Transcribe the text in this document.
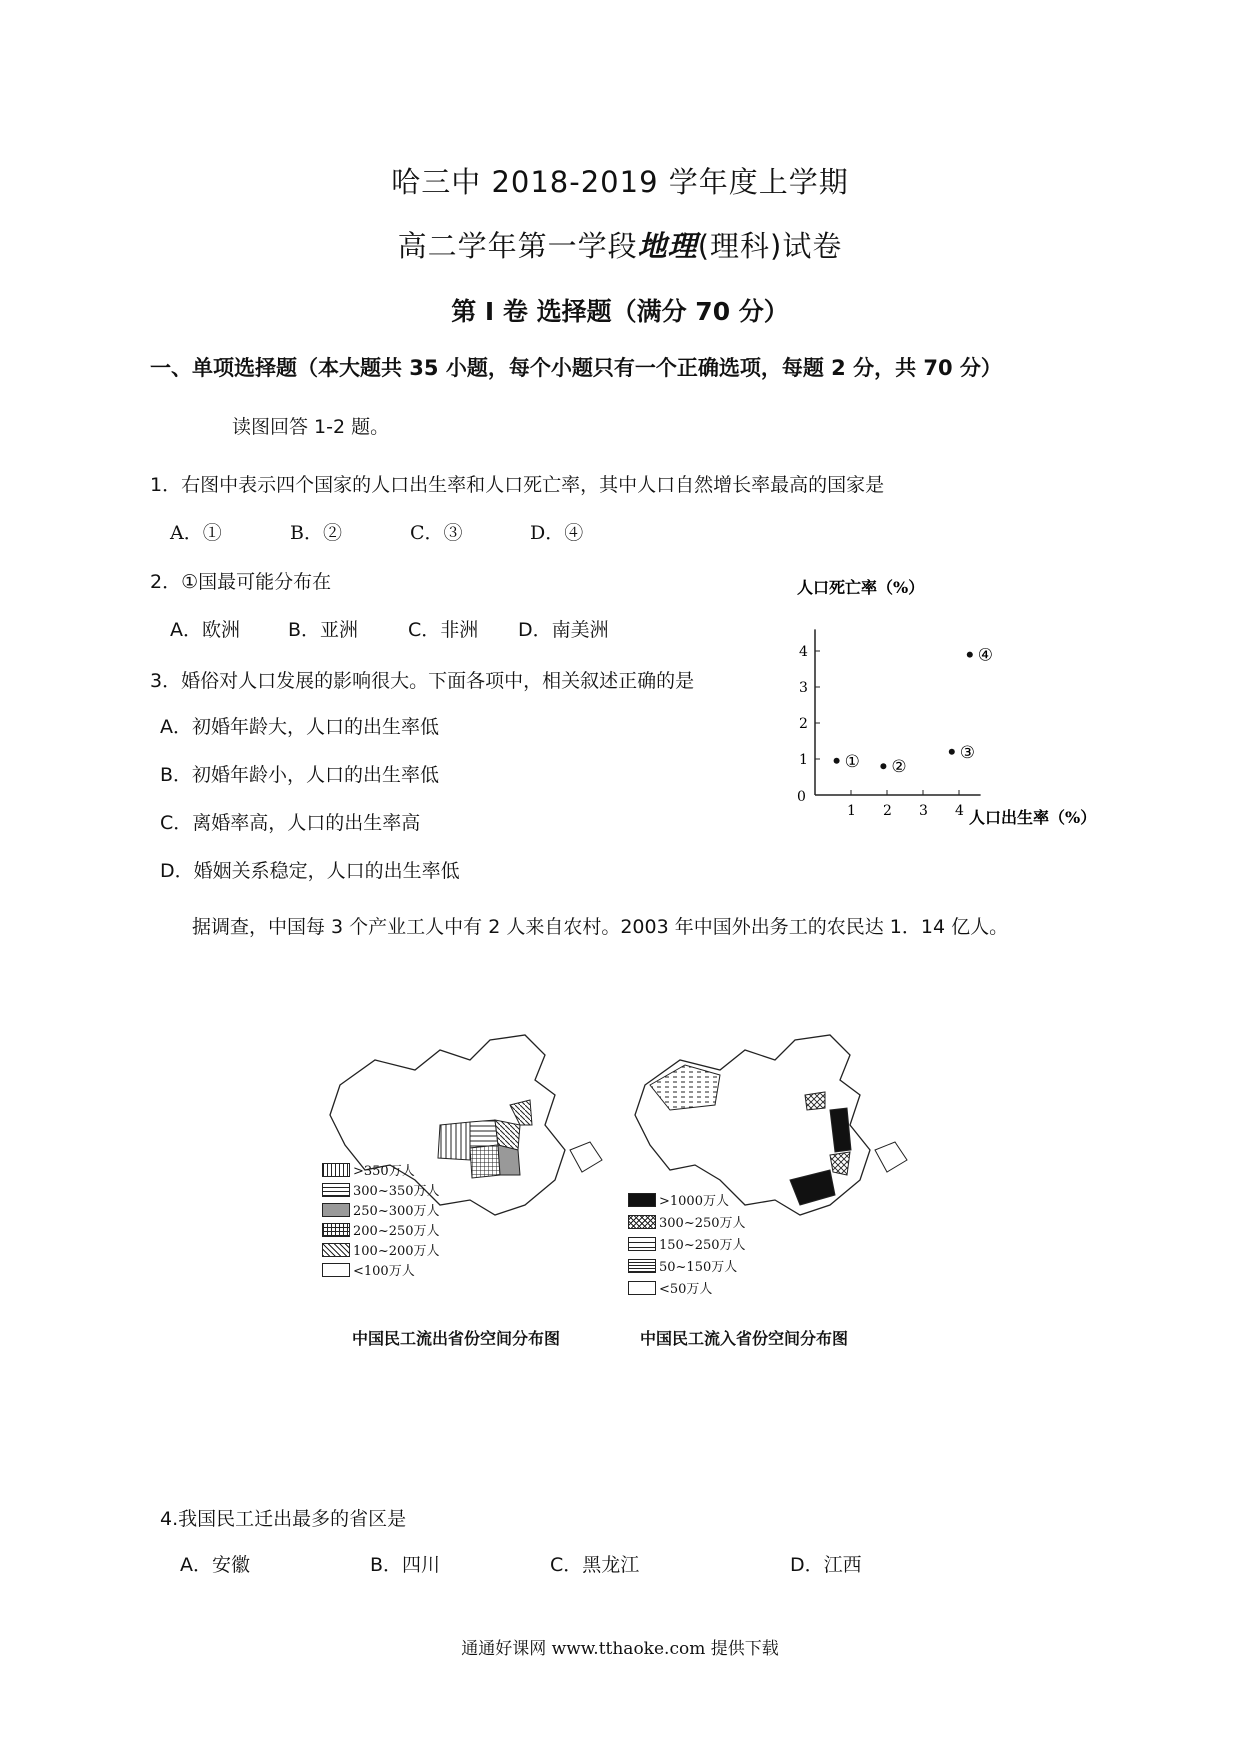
哈三中 2018-2019 学年度上学期
高二学年第一学段地理(理科)试卷
第 I 卷 选择题（满分 70 分）
一、单项选择题（本大题共 35 小题，每个小题只有一个正确选项，每题 2 分，共 70 分）
读图回答 1-2 题。
1．右图中表示四个国家的人口出生率和人口死亡率，其中人口自然增长率最高的国家是
A．①	B．②	C．③	D．④
2．①国最可能分布在
A．欧洲	B．亚洲	C．非洲 D．南美洲
3．婚俗对人口发展的影响很大。下面各项中，相关叙述正确的是
A．初婚年龄大，人口的出生率低
B．初婚年龄小，人口的出生率低
C．离婚率高，人口的出生率高
D．婚姻关系稳定，人口的出生率低
人口死亡率（%）
0
1 2 3 4
1
2
3
4
① ②
③
④
人口出生率（%）
据调查，中国每 3 个产业工人中有 2 人来自农村。2003 年中国外出务工的农民达 1．14 亿人。
>350万人
300~350万人
250~300万人
200~250万人
100~200万人
<100万人
>1000万人
300~250万人
150~250万人
50~150万人
<50万人
中国民工流出省份空间分布图	中国民工流入省份空间分布图
4.我国民工迁出最多的省区是
A．安徽	B．四川	C．黑龙江	D．江西
通通好课网 www.tthaoke.com 提供下载
